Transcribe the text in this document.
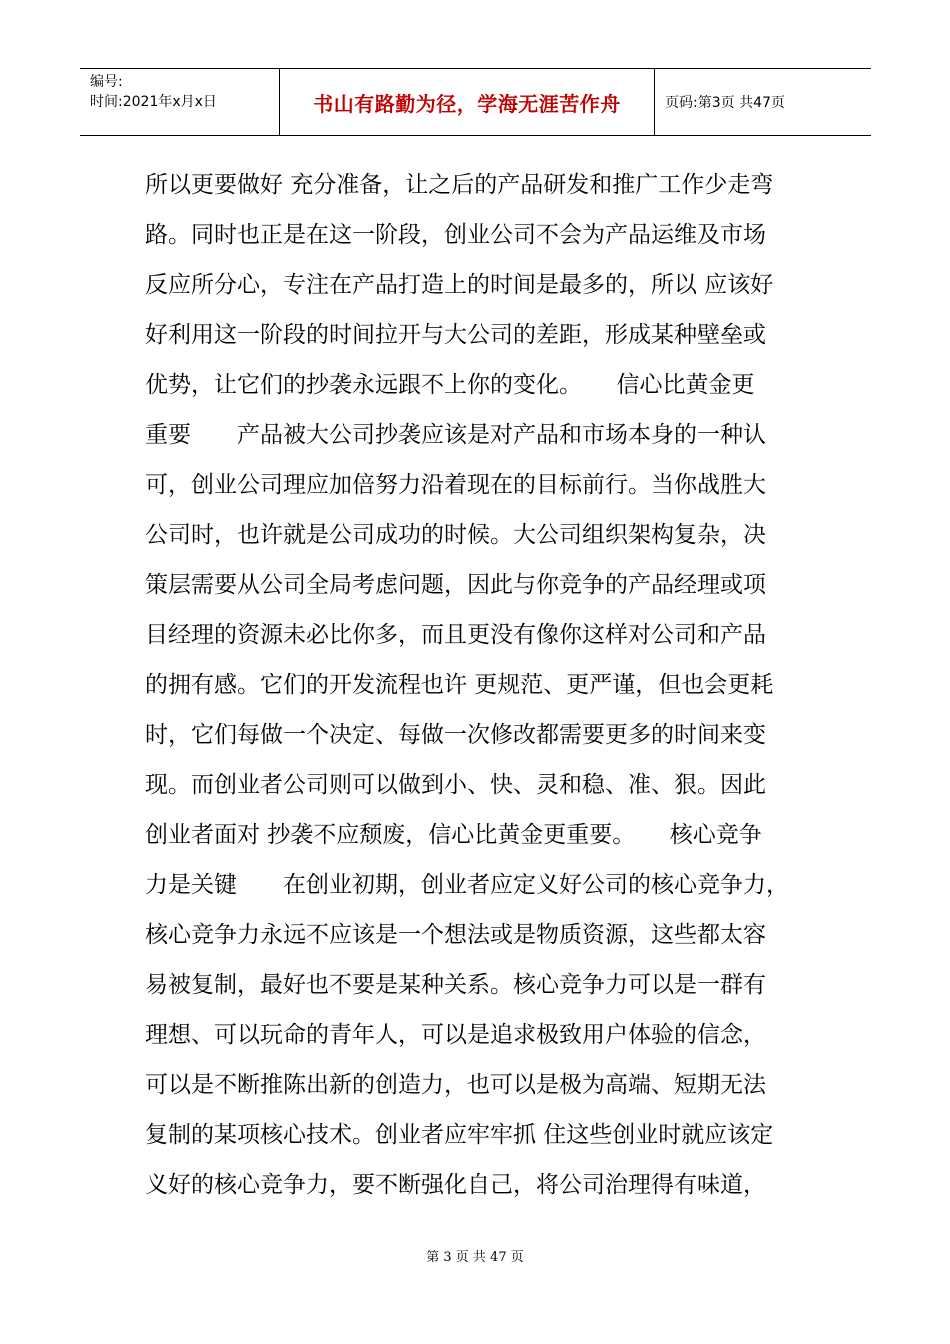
编号:
时间:2021年x月x日	书山有路勤为径，学海无涯苦作舟	页码:第3页 共47页
所以更要做好 充分准备，让之后的产品研发和推广工作少走弯
路。同时也正是在这一阶段，创业公司不会为产品运维及市场
反应所分心，专注在产品打造上的时间是最多的，所以 应该好
好利用这一阶段的时间拉开与大公司的差距，形成某种壁垒或
优势，让它们的抄袭永远跟不上你的变化。　　信心比黄金更
重要　　产品被大公司抄袭应该是对产品和市场本身的一种认
可，创业公司理应加倍努力沿着现在的目标前行。当你战胜大
公司时，也许就是公司成功的时候。大公司组织架构复杂，决
策层需要从公司全局考虑问题，因此与你竞争的产品经理或项
目经理的资源未必比你多，而且更没有像你这样对公司和产品
的拥有感。它们的开发流程也许 更规范、更严谨，但也会更耗
时，它们每做一个决定、每做一次修改都需要更多的时间来变
现。而创业者公司则可以做到小、快、灵和稳、准、狠。因此
创业者面对 抄袭不应颓废，信心比黄金更重要。　　核心竞争
力是关键　　在创业初期，创业者应定义好公司的核心竞争力，
核心竞争力永远不应该是一个想法或是物质资源，这些都太容
易被复制，最好也不要是某种关系。核心竞争力可以是一群有
理想、可以玩命的青年人，可以是追求极致用户体验的信念，
可以是不断推陈出新的创造力，也可以是极为高端、短期无法
复制的某项核心技术。创业者应牢牢抓 住这些创业时就应该定
义好的核心竞争力，要不断强化自己，将公司治理得有味道，
第 3 页 共 47 页
